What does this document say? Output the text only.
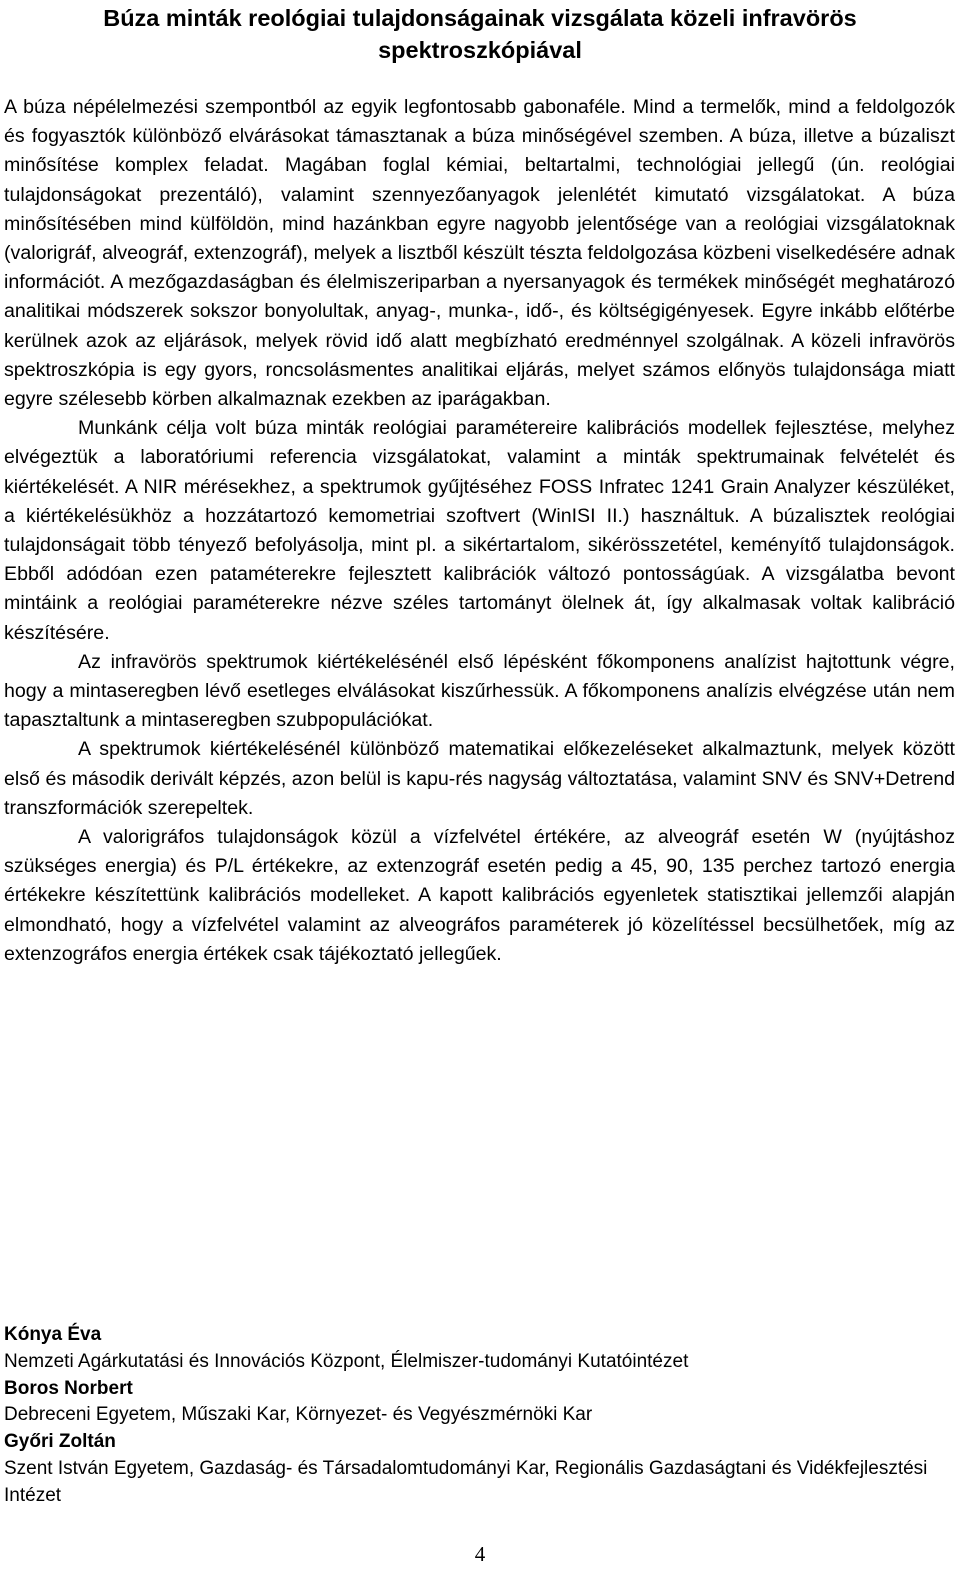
Búza minták reológiai tulajdonságainak vizsgálata közeli infravörös spektroszkópiával

A búza népélelmezési szempontból az egyik legfontosabb gabonaféle. Mind a termelők, mind a feldolgozók és fogyasztók különböző elvárásokat támasztanak a búza minőségével szemben. A búza, illetve a búzaliszt minősítése komplex feladat. Magában foglal kémiai, beltartalmi, technológiai jellegű (ún. reológiai tulajdonságokat prezentáló), valamint szennyezőanyagok jelenlétét kimutató vizsgálatokat. A búza minősítésében mind külföldön, mind hazánkban egyre nagyobb jelentősége van a reológiai vizsgálatoknak (valorigráf, alveográf, extenzográf), melyek a lisztből készült tészta feldolgozása közbeni viselkedésére adnak információt. A mezőgazdaságban és élelmiszeriparban a nyersanyagok és termékek minőségét meghatározó analitikai módszerek sokszor bonyolultak, anyag-, munka-, idő-, és költségigényesek. Egyre inkább előtérbe kerülnek azok az eljárások, melyek rövid idő alatt megbízható eredménnyel szolgálnak. A közeli infravörös spektroszkópia is egy gyors, roncsolásmentes analitikai eljárás, melyet számos előnyös tulajdonsága miatt egyre szélesebb körben alkalmaznak ezekben az iparágakban.

Munkánk célja volt búza minták reológiai paramétereire kalibrációs modellek fejlesztése, melyhez elvégeztük a laboratóriumi referencia vizsgálatokat, valamint a minták spektrumainak felvételét és kiértékelését. A NIR mérésekhez, a spektrumok gyűjtéséhez FOSS Infratec 1241 Grain Analyzer készüléket, a kiértékelésükhöz a hozzátartozó kemometriai szoftvert (WinISI II.) használtuk. A búzalisztek reológiai tulajdonságait több tényező befolyásolja, mint pl. a sikértartalom, sikérösszetétel, keményítő tulajdonságok. Ebből adódóan ezen pataméterekre fejlesztett kalibrációk változó pontosságúak. A vizsgálatba bevont mintáink a reológiai paraméterekre nézve széles tartományt ölelnek át, így alkalmasak voltak kalibráció készítésére.

Az infravörös spektrumok kiértékelésénél első lépésként főkomponens analízist hajtottunk végre, hogy a mintaseregben lévő esetleges elválásokat kiszűrhessük. A főkomponens analízis elvégzése után nem tapasztaltunk a mintaseregben szubpopulációkat.

A spektrumok kiértékelésénél különböző matematikai előkezeléseket alkalmaztunk, melyek között első és második derivált képzés, azon belül is kapu-rés nagyság változtatása, valamint SNV és SNV+Detrend transzformációk szerepeltek.

A valorigráfos tulajdonságok közül a vízfelvétel értékére, az alveográf esetén W (nyújtáshoz szükséges energia) és P/L értékekre, az extenzográf esetén pedig a 45, 90, 135 perchez tartozó energia értékekre készítettünk kalibrációs modelleket. A kapott kalibrációs egyenletek statisztikai jellemzői alapján elmondható, hogy a vízfelvétel valamint az alveográfos paraméterek jó közelítéssel becsülhetőek, míg az extenzográfos energia értékek csak tájékoztató jellegűek.

Kónya Éva

Nemzeti Agárkutatási és Innovációs Központ, Élelmiszer-tudományi Kutatóintézet

Boros Norbert

Debreceni Egyetem, Műszaki Kar, Környezet- és Vegyészmérnöki Kar

Győri Zoltán

Szent István Egyetem, Gazdaság- és Társadalomtudományi Kar, Regionális Gazdaságtani és Vidékfejlesztési Intézet

4
